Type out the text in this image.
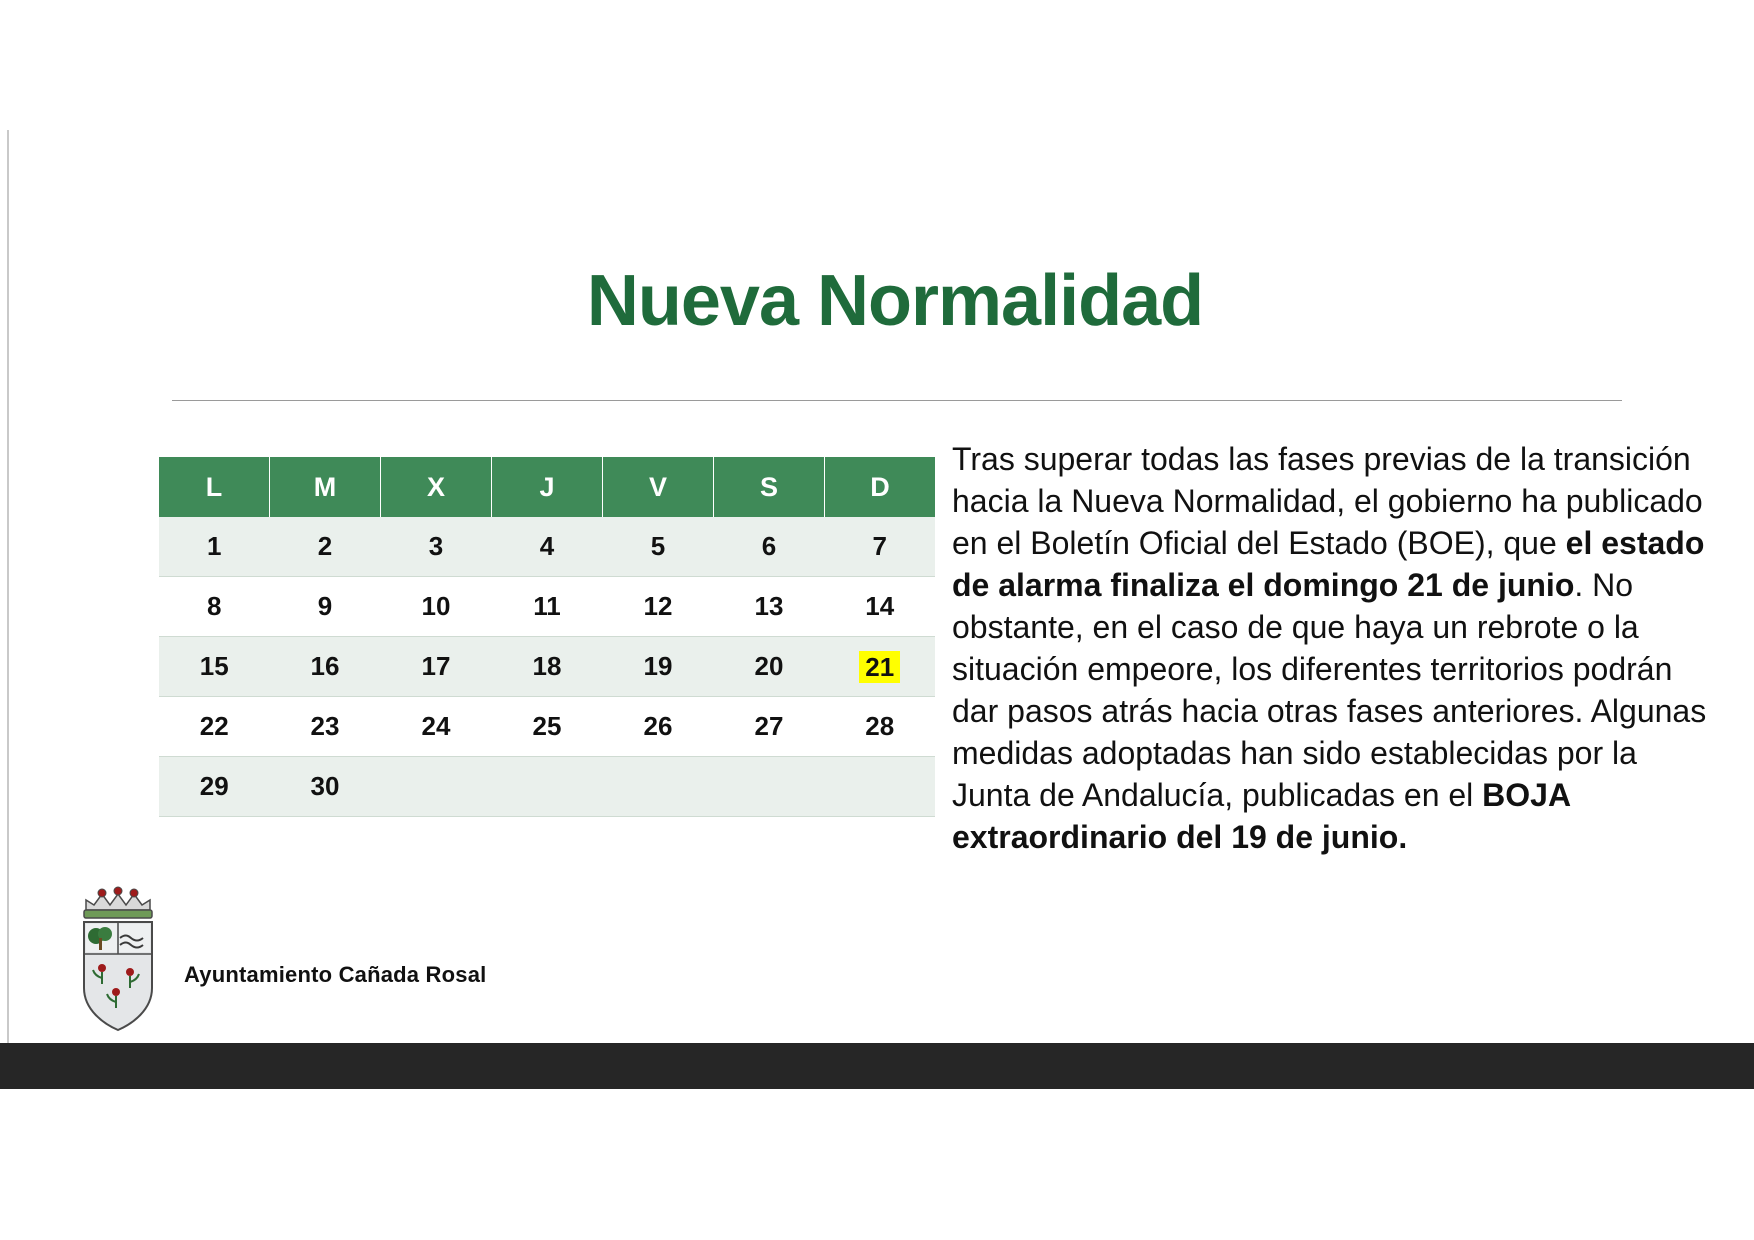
Nueva Normalidad
L	M	X	J	V	S	D
1	2	3	4	5	6	7
8	9	10	11	12	13	14
15	16	17	18	19	20	21
22	23	24	25	26	27	28
29	30					
Tras superar todas las fases previas de la transición hacia la Nueva Normalidad, el gobierno ha publicado en el Boletín Oficial del Estado (BOE), que el estado de alarma finaliza el domingo 21 de junio. No obstante, en el caso de que haya un rebrote o la situación empeore, los diferentes territorios podrán dar pasos atrás hacia otras fases anteriores. Algunas medidas adoptadas han sido establecidas por la Junta de Andalucía, publicadas en el BOJA extraordinario del 19 de junio.
Ayuntamiento Cañada Rosal
